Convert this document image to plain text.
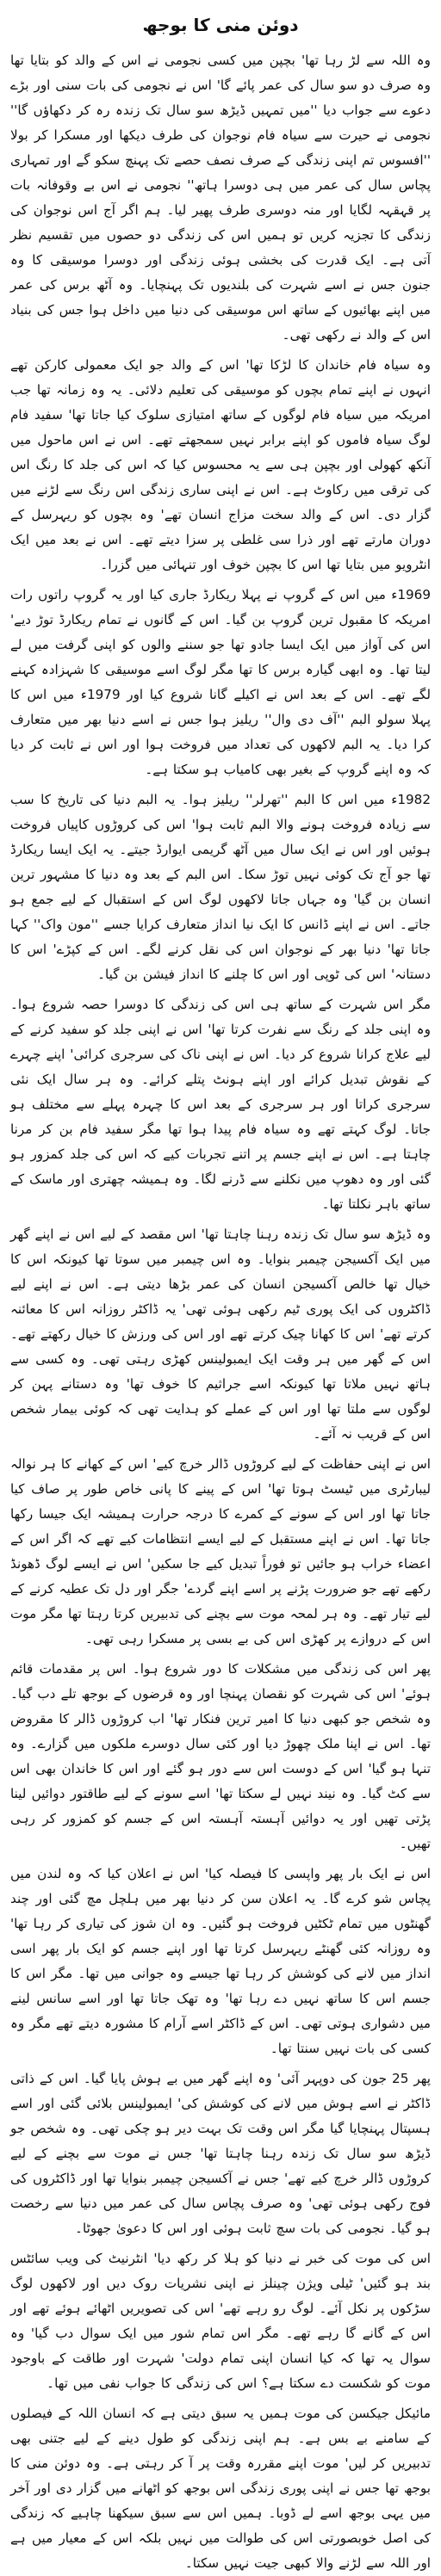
دوئن منی کا بوجھ

وہ اللہ سے لڑ رہا تھا' بچپن میں کسی نجومی نے اس کے والد کو بتایا تھا وہ صرف دو سو سال کی عمر پائے گا' اس نے نجومی کی بات سنی اور بڑے دعوے سے جواب دیا ''میں تمہیں ڈیڑھ سو سال تک زندہ رہ کر دکھاؤں گا'' نجومی نے حیرت سے سیاہ فام نوجوان کی طرف دیکھا اور مسکرا کر بولا ''افسوس تم اپنی زندگی کے صرف نصف حصے تک پہنچ سکو گے اور تمہاری پچاس سال کی عمر میں ہی دوسرا ہاتھ'' نجومی نے اس بے وقوفانہ بات پر قہقہہ لگایا اور منہ دوسری طرف پھیر لیا۔ ہم اگر آج اس نوجوان کی زندگی کا تجزیہ کریں تو ہمیں اس کی زندگی دو حصوں میں تقسیم نظر آتی ہے۔ ایک قدرت کی بخشی ہوئی زندگی اور دوسرا موسیقی کا وہ جنون جس نے اسے شہرت کی بلندیوں تک پہنچایا۔ وہ آٹھ برس کی عمر میں اپنے بھائیوں کے ساتھ اس موسیقی کی دنیا میں داخل ہوا جس کی بنیاد اس کے والد نے رکھی تھی۔

وہ سیاہ فام خاندان کا لڑکا تھا' اس کے والد جو ایک معمولی کارکن تھے انہوں نے اپنے تمام بچوں کو موسیقی کی تعلیم دلائی۔ یہ وہ زمانہ تھا جب امریکہ میں سیاہ فام لوگوں کے ساتھ امتیازی سلوک کیا جاتا تھا' سفید فام لوگ سیاہ فاموں کو اپنے برابر نہیں سمجھتے تھے۔ اس نے اس ماحول میں آنکھ کھولی اور بچپن ہی سے یہ محسوس کیا کہ اس کی جلد کا رنگ اس کی ترقی میں رکاوٹ ہے۔ اس نے اپنی ساری زندگی اس رنگ سے لڑنے میں گزار دی۔ اس کے والد سخت مزاج انسان تھے' وہ بچوں کو ریہرسل کے دوران مارتے تھے اور ذرا سی غلطی پر سزا دیتے تھے۔ اس نے بعد میں ایک انٹرویو میں بتایا تھا اس کا بچپن خوف اور تنہائی میں گزرا۔

1969ء میں اس کے گروپ نے پہلا ریکارڈ جاری کیا اور یہ گروپ راتوں رات امریکہ کا مقبول ترین گروپ بن گیا۔ اس کے گانوں نے تمام ریکارڈ توڑ دیے' اس کی آواز میں ایک ایسا جادو تھا جو سننے والوں کو اپنی گرفت میں لے لیتا تھا۔ وہ ابھی گیارہ برس کا تھا مگر لوگ اسے موسیقی کا شہزادہ کہنے لگے تھے۔ اس کے بعد اس نے اکیلے گانا شروع کیا اور 1979ء میں اس کا پہلا سولو البم ''آف دی وال'' ریلیز ہوا جس نے اسے دنیا بھر میں متعارف کرا دیا۔ یہ البم لاکھوں کی تعداد میں فروخت ہوا اور اس نے ثابت کر دیا کہ وہ اپنے گروپ کے بغیر بھی کامیاب ہو سکتا ہے۔

1982ء میں اس کا البم ''تھرلر'' ریلیز ہوا۔ یہ البم دنیا کی تاریخ کا سب سے زیادہ فروخت ہونے والا البم ثابت ہوا' اس کی کروڑوں کاپیاں فروخت ہوئیں اور اس نے ایک سال میں آٹھ گریمی ایوارڈ جیتے۔ یہ ایک ایسا ریکارڈ تھا جو آج تک کوئی نہیں توڑ سکا۔ اس البم کے بعد وہ دنیا کا مشہور ترین انسان بن گیا' وہ جہاں جاتا لاکھوں لوگ اس کے استقبال کے لیے جمع ہو جاتے۔ اس نے اپنے ڈانس کا ایک نیا انداز متعارف کرایا جسے ''مون واک'' کہا جاتا تھا' دنیا بھر کے نوجوان اس کی نقل کرنے لگے۔ اس کے کپڑے' اس کا دستانہ' اس کی ٹوپی اور اس کا چلنے کا انداز فیشن بن گیا۔

مگر اس شہرت کے ساتھ ہی اس کی زندگی کا دوسرا حصہ شروع ہوا۔ وہ اپنی جلد کے رنگ سے نفرت کرتا تھا' اس نے اپنی جلد کو سفید کرنے کے لیے علاج کرانا شروع کر دیا۔ اس نے اپنی ناک کی سرجری کرائی' اپنے چہرے کے نقوش تبدیل کرائے اور اپنے ہونٹ پتلے کرائے۔ وہ ہر سال ایک نئی سرجری کراتا اور ہر سرجری کے بعد اس کا چہرہ پہلے سے مختلف ہو جاتا۔ لوگ کہتے تھے وہ سیاہ فام پیدا ہوا تھا مگر سفید فام بن کر مرنا چاہتا ہے۔ اس نے اپنے جسم پر اتنے تجربات کیے کہ اس کی جلد کمزور ہو گئی اور وہ دھوپ میں نکلنے سے ڈرنے لگا۔ وہ ہمیشہ چھتری اور ماسک کے ساتھ باہر نکلتا تھا۔

وہ ڈیڑھ سو سال تک زندہ رہنا چاہتا تھا' اس مقصد کے لیے اس نے اپنے گھر میں ایک آکسیجن چیمبر بنوایا۔ وہ اس چیمبر میں سوتا تھا کیونکہ اس کا خیال تھا خالص آکسیجن انسان کی عمر بڑھا دیتی ہے۔ اس نے اپنے لیے ڈاکٹروں کی ایک پوری ٹیم رکھی ہوئی تھی' یہ ڈاکٹر روزانہ اس کا معائنہ کرتے تھے' اس کا کھانا چیک کرتے تھے اور اس کی ورزش کا خیال رکھتے تھے۔ اس کے گھر میں ہر وقت ایک ایمبولینس کھڑی رہتی تھی۔ وہ کسی سے ہاتھ نہیں ملاتا تھا کیونکہ اسے جراثیم کا خوف تھا' وہ دستانے پہن کر لوگوں سے ملتا تھا اور اس کے عملے کو ہدایت تھی کہ کوئی بیمار شخص اس کے قریب نہ آئے۔

اس نے اپنی حفاظت کے لیے کروڑوں ڈالر خرچ کیے' اس کے کھانے کا ہر نوالہ لیبارٹری میں ٹیسٹ ہوتا تھا' اس کے پینے کا پانی خاص طور پر صاف کیا جاتا تھا اور اس کے سونے کے کمرے کا درجہ حرارت ہمیشہ ایک جیسا رکھا جاتا تھا۔ اس نے اپنے مستقبل کے لیے ایسے انتظامات کیے تھے کہ اگر اس کے اعضاء خراب ہو جائیں تو فوراً تبدیل کیے جا سکیں' اس نے ایسے لوگ ڈھونڈ رکھے تھے جو ضرورت پڑنے پر اسے اپنے گردے' جگر اور دل تک عطیہ کرنے کے لیے تیار تھے۔ وہ ہر لمحہ موت سے بچنے کی تدبیریں کرتا رہتا تھا مگر موت اس کے دروازے پر کھڑی اس کی بے بسی پر مسکرا رہی تھی۔

پھر اس کی زندگی میں مشکلات کا دور شروع ہوا۔ اس پر مقدمات قائم ہوئے' اس کی شہرت کو نقصان پہنچا اور وہ قرضوں کے بوجھ تلے دب گیا۔ وہ شخص جو کبھی دنیا کا امیر ترین فنکار تھا' اب کروڑوں ڈالر کا مقروض تھا۔ اس نے اپنا ملک چھوڑ دیا اور کئی سال دوسرے ملکوں میں گزارے۔ وہ تنہا ہو گیا' اس کے دوست اس سے دور ہو گئے اور اس کا خاندان بھی اس سے کٹ گیا۔ وہ نیند نہیں لے سکتا تھا' اسے سونے کے لیے طاقتور دوائیں لینا پڑتی تھیں اور یہ دوائیں آہستہ آہستہ اس کے جسم کو کمزور کر رہی تھیں۔

اس نے ایک بار پھر واپسی کا فیصلہ کیا' اس نے اعلان کیا کہ وہ لندن میں پچاس شو کرے گا۔ یہ اعلان سن کر دنیا بھر میں ہلچل مچ گئی اور چند گھنٹوں میں تمام ٹکٹیں فروخت ہو گئیں۔ وہ ان شوز کی تیاری کر رہا تھا' وہ روزانہ کئی گھنٹے ریہرسل کرتا تھا اور اپنے جسم کو ایک بار پھر اسی انداز میں لانے کی کوشش کر رہا تھا جیسے وہ جوانی میں تھا۔ مگر اس کا جسم اس کا ساتھ نہیں دے رہا تھا' وہ تھک جاتا تھا اور اسے سانس لینے میں دشواری ہوتی تھی۔ اس کے ڈاکٹر اسے آرام کا مشورہ دیتے تھے مگر وہ کسی کی بات نہیں سنتا تھا۔

پھر 25 جون کی دوپہر آئی' وہ اپنے گھر میں بے ہوش پایا گیا۔ اس کے ذاتی ڈاکٹر نے اسے ہوش میں لانے کی کوشش کی' ایمبولینس بلائی گئی اور اسے ہسپتال پہنچایا گیا مگر اس وقت تک بہت دیر ہو چکی تھی۔ وہ شخص جو ڈیڑھ سو سال تک زندہ رہنا چاہتا تھا' جس نے موت سے بچنے کے لیے کروڑوں ڈالر خرچ کیے تھے' جس نے آکسیجن چیمبر بنوایا تھا اور ڈاکٹروں کی فوج رکھی ہوئی تھی' وہ صرف پچاس سال کی عمر میں دنیا سے رخصت ہو گیا۔ نجومی کی بات سچ ثابت ہوئی اور اس کا دعویٰ جھوٹا۔

اس کی موت کی خبر نے دنیا کو ہلا کر رکھ دیا' انٹرنیٹ کی ویب سائٹس بند ہو گئیں' ٹیلی ویژن چینلز نے اپنی نشریات روک دیں اور لاکھوں لوگ سڑکوں پر نکل آئے۔ لوگ رو رہے تھے' اس کی تصویریں اٹھائے ہوئے تھے اور اس کے گانے گا رہے تھے۔ مگر اس تمام شور میں ایک سوال دب گیا' وہ سوال یہ تھا کہ کیا انسان اپنی تمام دولت' شہرت اور طاقت کے باوجود موت کو شکست دے سکتا ہے؟ اس کی زندگی کا جواب نفی میں تھا۔

مائیکل جیکسن کی موت ہمیں یہ سبق دیتی ہے کہ انسان اللہ کے فیصلوں کے سامنے بے بس ہے۔ ہم اپنی زندگی کو طول دینے کے لیے جتنی بھی تدبیریں کر لیں' موت اپنے مقررہ وقت پر آ کر رہتی ہے۔ وہ دوئن منی کا بوجھ تھا جس نے اپنی پوری زندگی اس بوجھ کو اٹھانے میں گزار دی اور آخر میں یہی بوجھ اسے لے ڈوبا۔ ہمیں اس سے سبق سیکھنا چاہیے کہ زندگی کی اصل خوبصورتی اس کی طوالت میں نہیں بلکہ اس کے معیار میں ہے اور اللہ سے لڑنے والا کبھی جیت نہیں سکتا۔
